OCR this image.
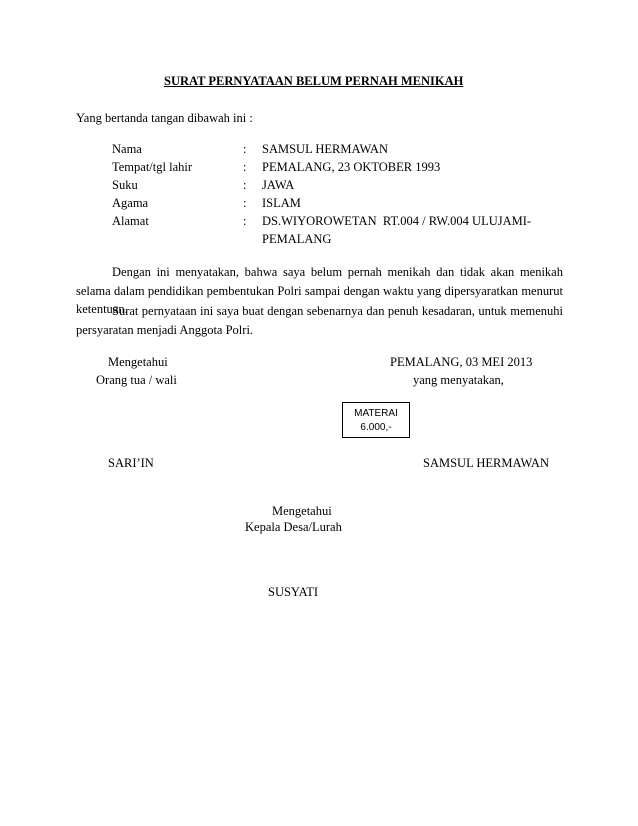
SURAT PERNYATAAN BELUM PERNAH MENIKAH
Yang bertanda tangan dibawah ini :
Nama	: SAMSUL HERMAWAN
Tempat/tgl lahir	: PEMALANG, 23 OKTOBER 1993
Suku	: JAWA
Agama	: ISLAM
Alamat	: DS.WIYOROWETAN  RT.004 / RW.004 ULUJAMI-
PEMALANG

Dengan ini menyatakan, bahwa saya belum pernah menikah dan tidak akan menikah selama dalam pendidikan pembentukan Polri sampai dengan waktu yang dipersyaratkan menurut ketentuan.

Surat pernyataan ini saya buat dengan sebenarnya dan penuh kesadaran, untuk memenuhi persyaratan menjadi Anggota Polri.

Mengetahui
Orang tua / wali
PEMALANG, 03 MEI 2013
yang menyatakan,
MATERAI
6.000,-
SARI’IN	SAMSUL HERMAWAN
Mengetahui
Kepala Desa/Lurah
SUSYATI
